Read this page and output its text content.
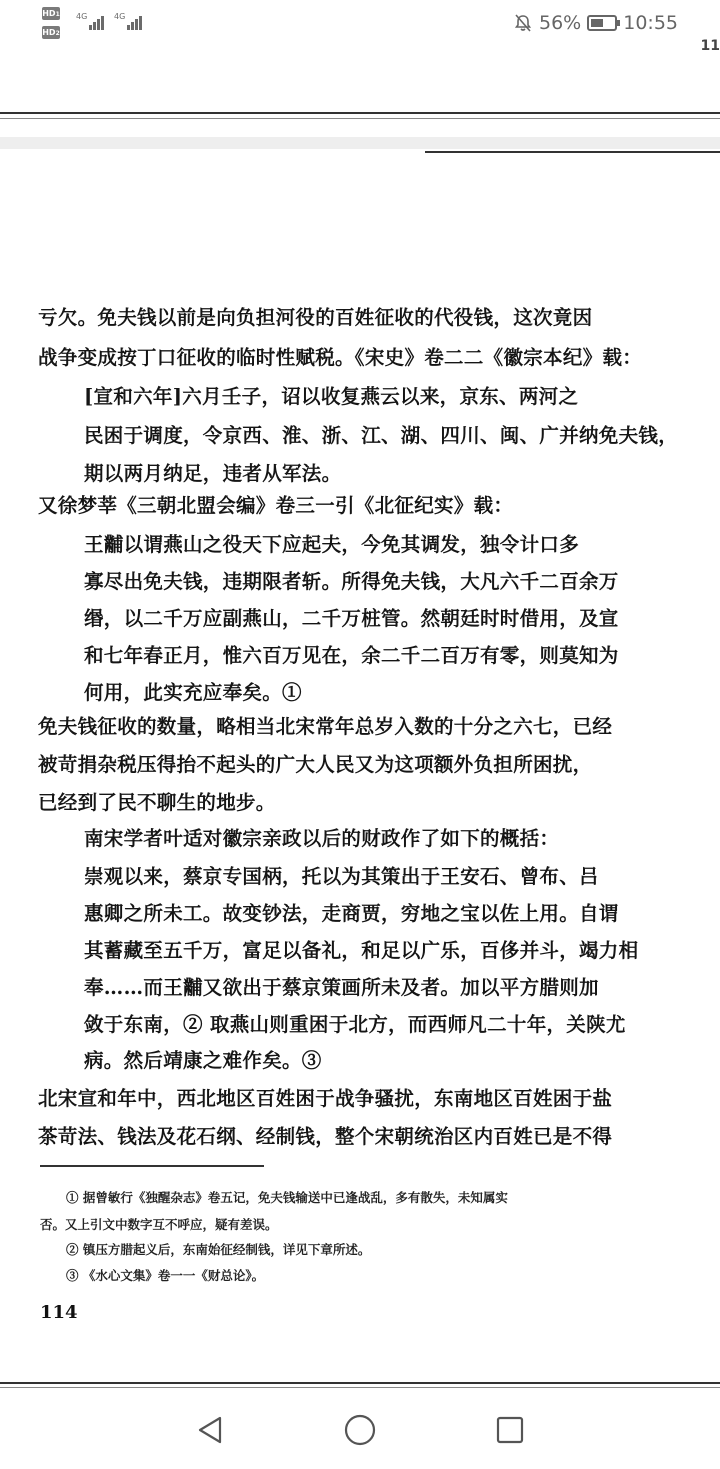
HD1
HD2
4G	4G	56% 10:55
11
亏欠。免夫钱以前是向负担河役的百姓征收的代役钱，这次竟因
战争变成按丁口征收的临时性赋税。《宋史》卷二二《徽宗本纪》载：
[宣和六年]六月壬子，诏以收复燕云以来，京东、两河之
民困于调度，令京西、淮、浙、江、湖、四川、闽、广并纳免夫钱，
期以两月纳足，违者从军法。
又徐梦莘《三朝北盟会编》卷三一引《北征纪实》载：
王黼以谓燕山之役天下应起夫，今免其调发，独令计口多
寡尽出免夫钱，违期限者斩。所得免夫钱，大凡六千二百余万
缗，以二千万应副燕山，二千万桩管。然朝廷时时借用，及宣
和七年春正月，惟六百万见在，余二千二百万有零，则莫知为
何用，此实充应奉矣。①
免夫钱征收的数量，略相当北宋常年总岁入数的十分之六七，已经
被苛捐杂税压得抬不起头的广大人民又为这项额外负担所困扰，
已经到了民不聊生的地步。
南宋学者叶适对徽宗亲政以后的财政作了如下的概括：
崇观以来，蔡京专国柄，托以为其策出于王安石、曾布、吕
惠卿之所未工。故变钞法，走商贾，穷地之宝以佐上用。自谓
其蓄藏至五千万，富足以备礼，和足以广乐，百侈并斗，竭力相
奉……而王黼又欲出于蔡京策画所未及者。加以平方腊则加
敛于东南，② 取燕山则重困于北方，而西师凡二十年，关陕尤
病。然后靖康之难作矣。③
北宋宣和年中，西北地区百姓困于战争骚扰，东南地区百姓困于盐
茶苛法、钱法及花石纲、经制钱，整个宋朝统治区内百姓已是不得
① 据曾敏行《独醒杂志》卷五记，免夫钱输送中已逢战乱，多有散失，未知属实
否。又上引文中数字互不呼应，疑有差误。
② 镇压方腊起义后，东南始征经制钱，详见下章所述。
③ 《水心文集》卷一一《财总论》。
114
